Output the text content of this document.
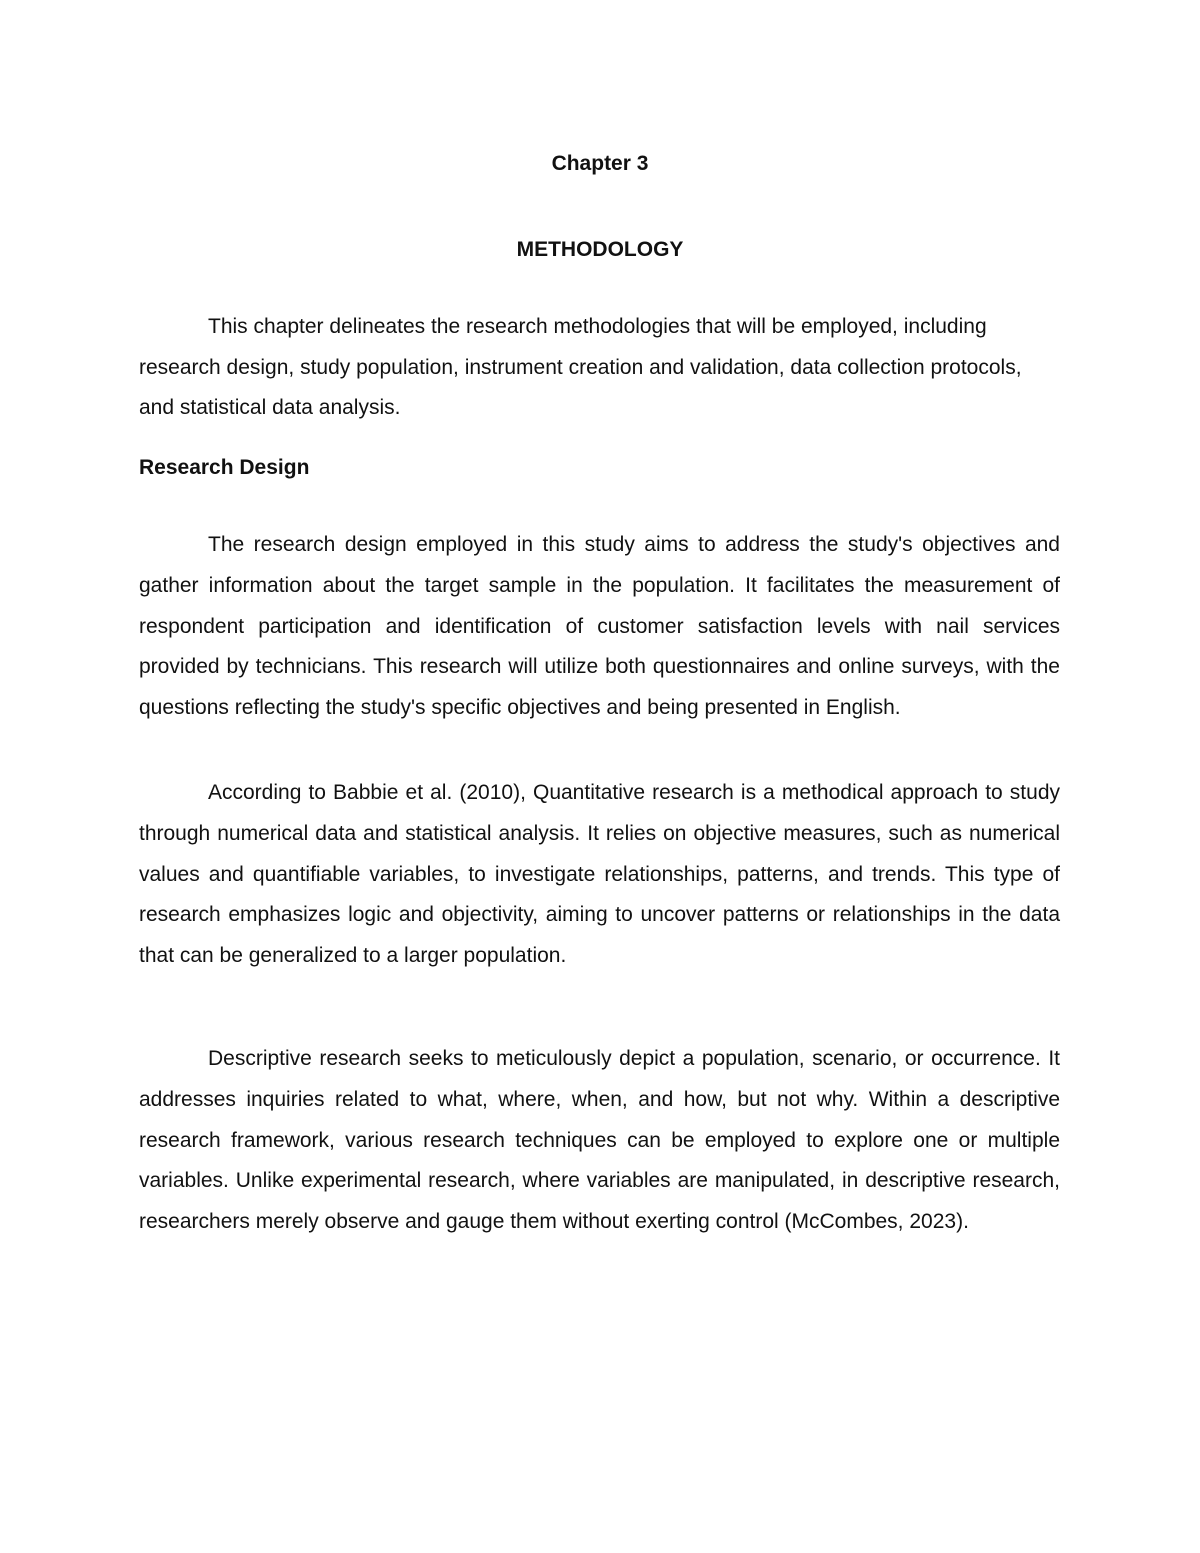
Chapter 3
METHODOLOGY

This chapter delineates the research methodologies that will be employed, including research design, study population, instrument creation and validation, data collection protocols, and statistical data analysis.

Research Design

The research design employed in this study aims to address the study's objectives and gather information about the target sample in the population. It facilitates the measurement of respondent participation and identification of customer satisfaction levels with nail services provided by technicians. This research will utilize both questionnaires and online surveys, with the questions reflecting the study's specific objectives and being presented in English.

According to Babbie et al. (2010), Quantitative research is a methodical approach to study through numerical data and statistical analysis. It relies on objective measures, such as numerical values and quantifiable variables, to investigate relationships, patterns, and trends. This type of research emphasizes logic and objectivity, aiming to uncover patterns or relationships in the data that can be generalized to a larger population.

Descriptive research seeks to meticulously depict a population, scenario, or occurrence. It addresses inquiries related to what, where, when, and how, but not why. Within a descriptive research framework, various research techniques can be employed to explore one or multiple variables. Unlike experimental research, where variables are manipulated, in descriptive research, researchers merely observe and gauge them without exerting control (McCombes, 2023).
